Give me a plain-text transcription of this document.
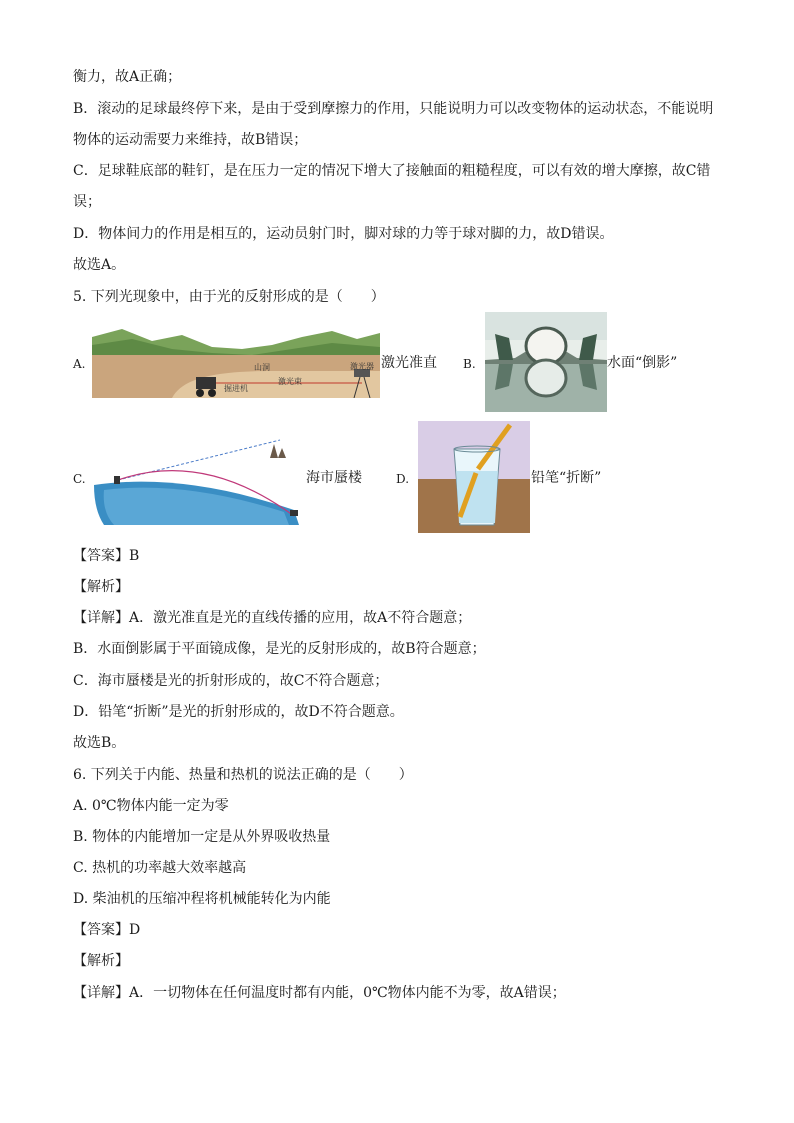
衡力，故A正确；
B．滚动的足球最终停下来，是由于受到摩擦力的作用，只能说明力可以改变物体的运动状态，不能说明
物体的运动需要力来维持，故B错误；
C．足球鞋底部的鞋钉，是在压力一定的情况下增大了接触面的粗糙程度，可以有效的增大摩擦，故C错
误；
D．物体间力的作用是相互的，运动员射门时，脚对球的力等于球对脚的力，故D错误。
故选A。
5. 下列光现象中，由于光的反射形成的是（　　）
A.	山洞	激光器
激光束
掘进机
激光准直 B.	水面“倒影”
C.	海市蜃楼	D.	铅笔“折断”
【答案】B
【解析】
【详解】A．激光准直是光的直线传播的应用，故A不符合题意；
B．水面倒影属于平面镜成像，是光的反射形成的，故B符合题意；
C．海市蜃楼是光的折射形成的，故C不符合题意；
D．铅笔“折断”是光的折射形成的，故D不符合题意。
故选B。
6. 下列关于内能、热量和热机的说法正确的是（　　）
A. 0℃物体内能一定为零
B. 物体的内能增加一定是从外界吸收热量
C. 热机的功率越大效率越高
D. 柴油机的压缩冲程将机械能转化为内能
【答案】D
【解析】
【详解】A．一切物体在任何温度时都有内能，0℃物体内能不为零，故A错误；
